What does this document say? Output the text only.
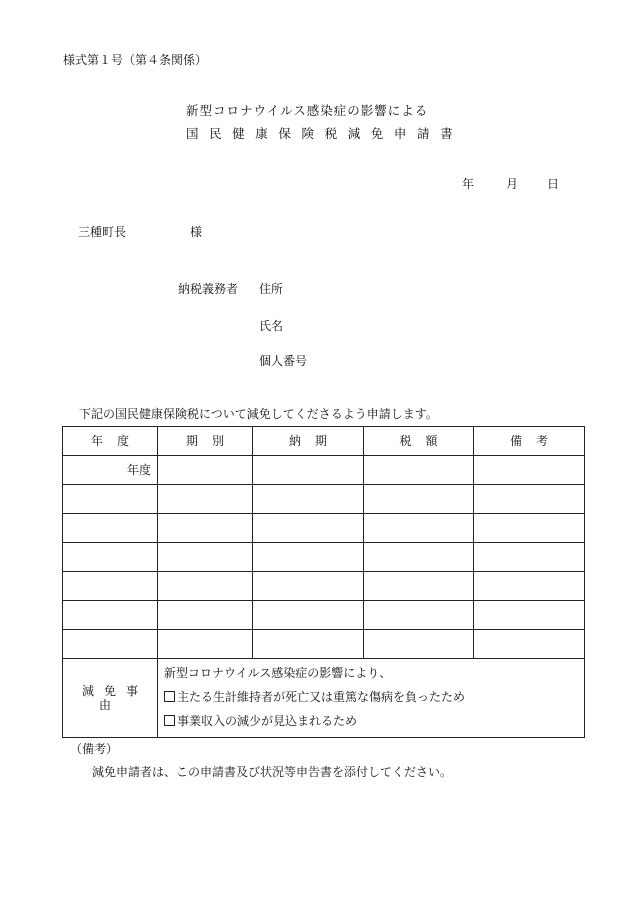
様式第１号（第４条関係）
新型コロナウイルス感染症の影響による
国民健康保険税減免申請書
年	月 日
三種町長	様
納税義務者 住所
氏名
個人番号
下記の国民健康保険税について減免してくださるよう申請します。
年度	期別	納期	税額	備考
年度				

減免事由	新型コロナウイルス感染症の影響により、
主たる生計維持者が死亡又は重篤な傷病を負ったため
事業収入の減少が見込まれるため			
（備考）
減免申請者は、この申請書及び状況等申告書を添付してください。
